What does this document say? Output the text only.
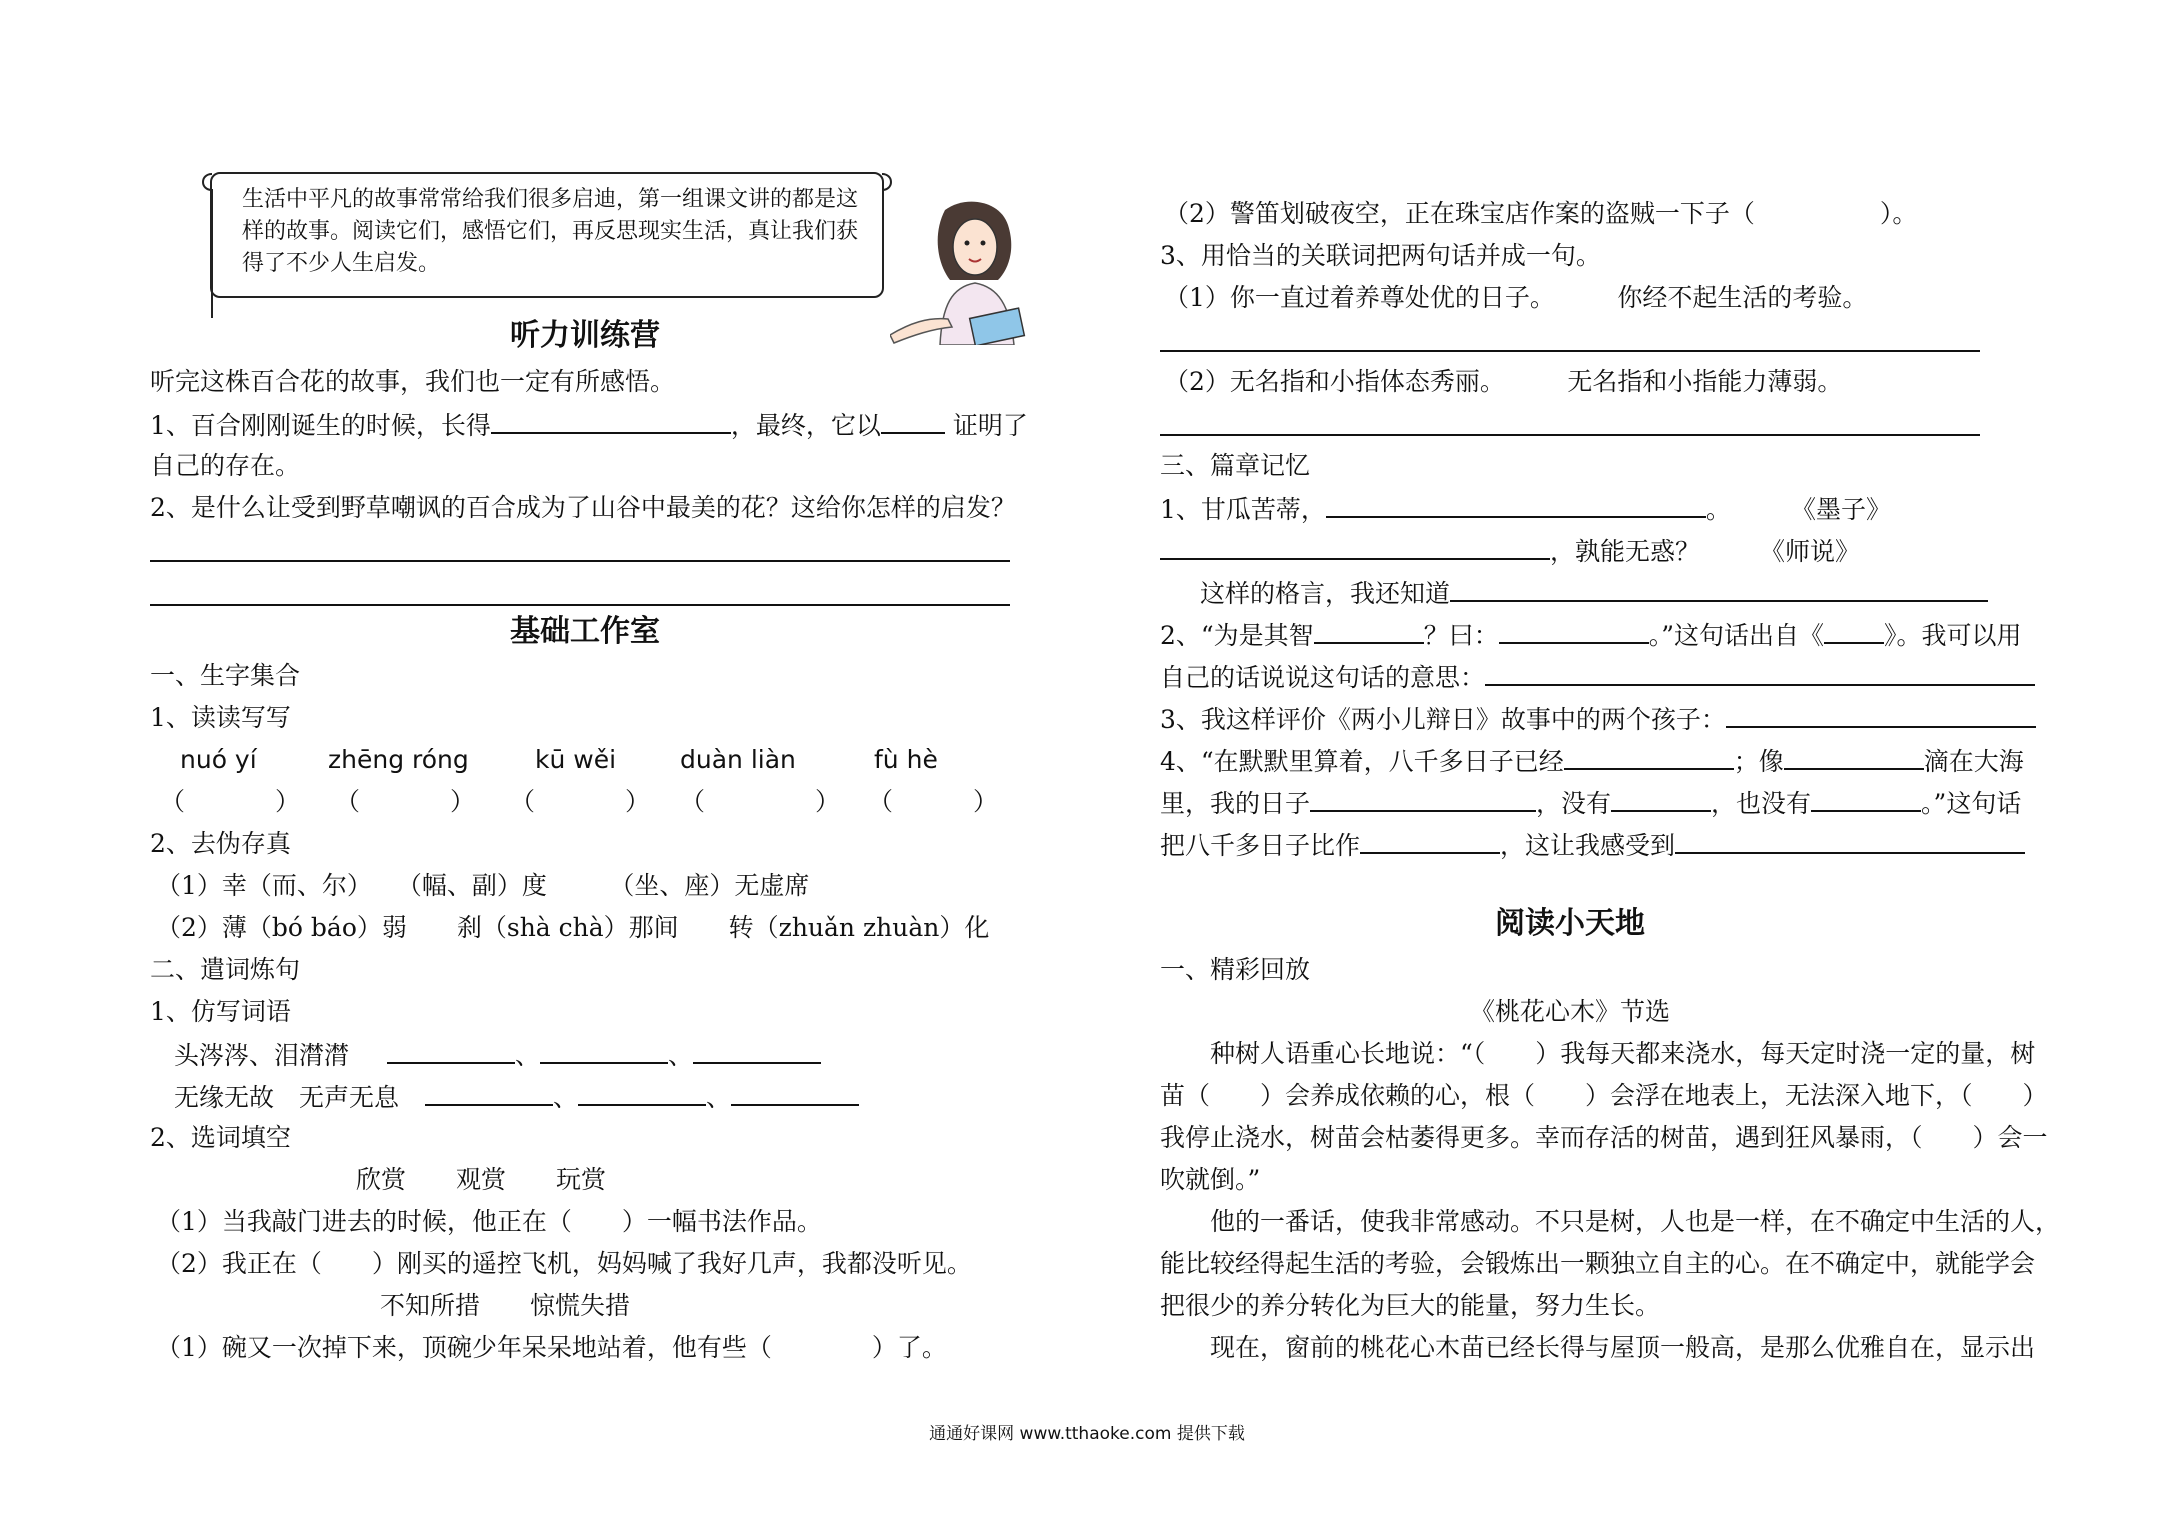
生活中平凡的故事常常给我们很多启迪，第一组课文讲的都是这样的故事。阅读它们，感悟它们，再反思现实生活，真让我们获得了不少人生启发。
听力训练营
听完这株百合花的故事，我们也一定有所感悟。
1、百合刚刚诞生的时候，长得	，最终，它以	证明了
自己的存在。
2、是什么让受到野草嘲讽的百合成为了山谷中最美的花？这给你怎样的启发？
基础工作室
一、生字集合
1、读读写写
nuó yí	zhēng róng	kū wěi	duàn liàn	fù hè
（	） （	） （	） （	） （	）
2、去伪存真
（1）幸（而、尔）　　（幅、副）度　　　（坐、座）无虚席
（2）薄（bó báo）弱　　刹（shà chà）那间　　转（zhuǎn zhuàn）化
二、遣词炼句
1、仿写词语
头涔涔、泪潸潸	、	、
无缘无故　无声无息	、	、
2、选词填空
欣赏　　观赏　　玩赏
（1）当我敲门进去的时候，他正在（　　）一幅书法作品。
（2）我正在（　　）刚买的遥控飞机，妈妈喊了我好几声，我都没听见。
不知所措　　惊慌失措
（1）碗又一次掉下来，顶碗少年呆呆地站着，他有些（　　　　）了。
（2）警笛划破夜空，正在珠宝店作案的盗贼一下子（　　　　　）。
3、用恰当的关联词把两句话并成一句。
（1）你一直过着养尊处优的日子。　　　你经不起生活的考验。
（2）无名指和小指体态秀丽。　　　无名指和小指能力薄弱。
三、篇章记忆
1、甘瓜苦蒂，	。 《墨子》
，孰能无惑？ 《师说》
这样的格言，我还知道
2、“为是其智	？曰：	。”这句话出自《 》。我可以用
自己的话说说这句话的意思：
3、我这样评价《两小儿辩日》故事中的两个孩子：
4、“在默默里算着，八千多日子已经	；像	滴在大海
里，我的日子	，没有	，也没有	。”这句话
把八千多日子比作	，这让我感受到
阅读小天地
一、精彩回放
《桃花心木》节选
种树人语重心长地说：“（　　）我每天都来浇水，每天定时浇一定的量，树
苗（　　）会养成依赖的心，根（　　）会浮在地表上，无法深入地下，（　　）
我停止浇水，树苗会枯萎得更多。幸而存活的树苗，遇到狂风暴雨，（　　）会一
吹就倒。”
他的一番话，使我非常感动。不只是树，人也是一样，在不确定中生活的人，
能比较经得起生活的考验，会锻炼出一颗独立自主的心。在不确定中，就能学会
把很少的养分转化为巨大的能量，努力生长。
现在，窗前的桃花心木苗已经长得与屋顶一般高，是那么优雅自在，显示出
通通好课网 www.tthaoke.com 提供下载
